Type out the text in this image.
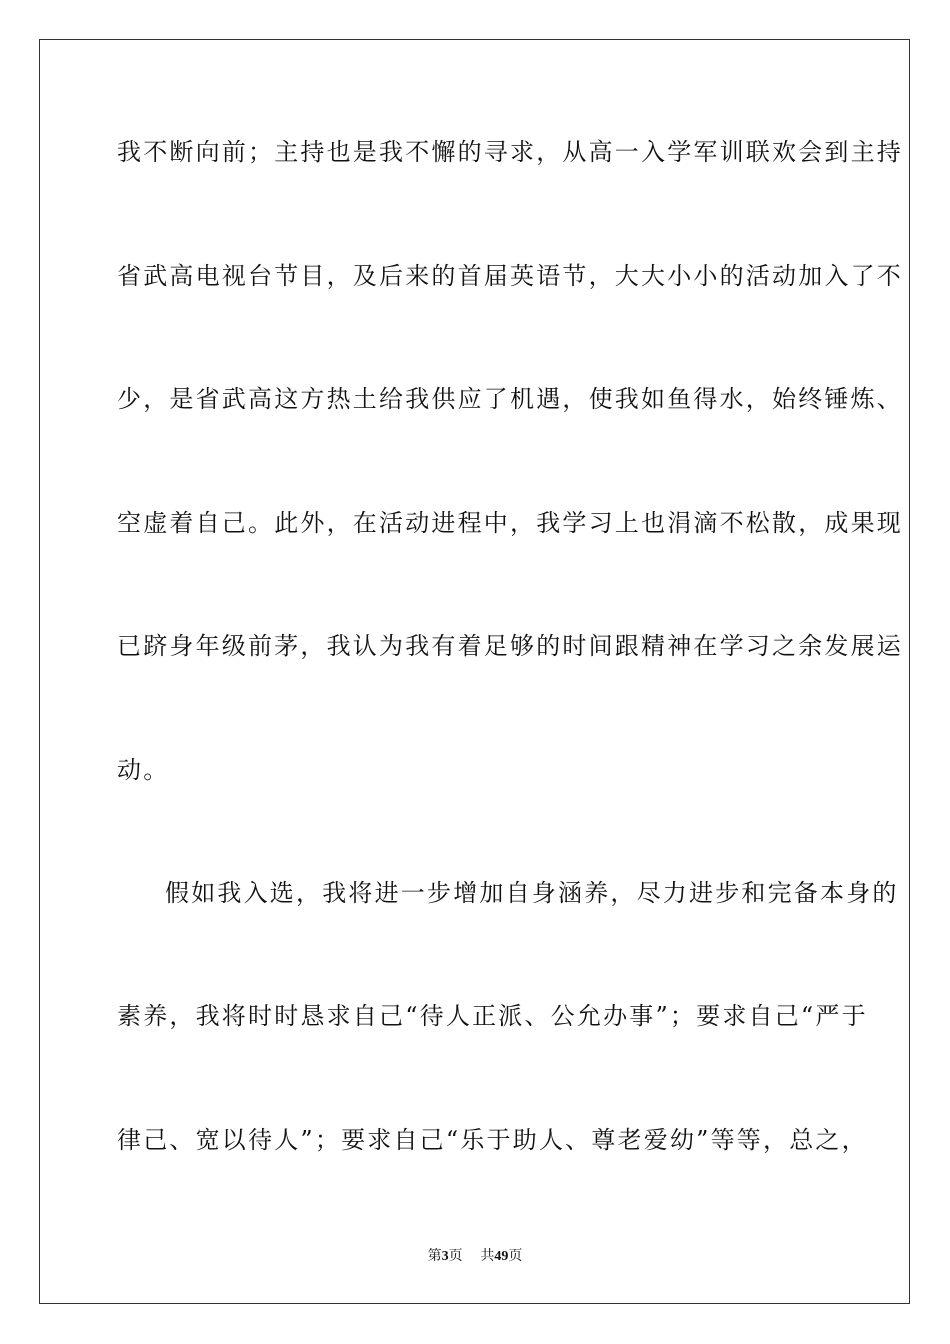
我不断向前；主持也是我不懈的寻求，从高一入学军训联欢会到主持
省武高电视台节目，及后来的首届英语节，大大小小的活动加入了不
少，是省武高这方热土给我供应了机遇，使我如鱼得水，始终锤炼、
空虚着自己。此外，在活动进程中，我学习上也涓滴不松散，成果现
已跻身年级前茅，我认为我有着足够的时间跟精神在学习之余发展运
动。
假如我入选，我将进一步增加自身涵养，尽力进步和完备本身的
素养，我将时时恳求自己“待人正派、公允办事”；要求自己“严于
律己、宽以待人”；要求自己“乐于助人、尊老爱幼”等等，总之，
第3页 共49页
